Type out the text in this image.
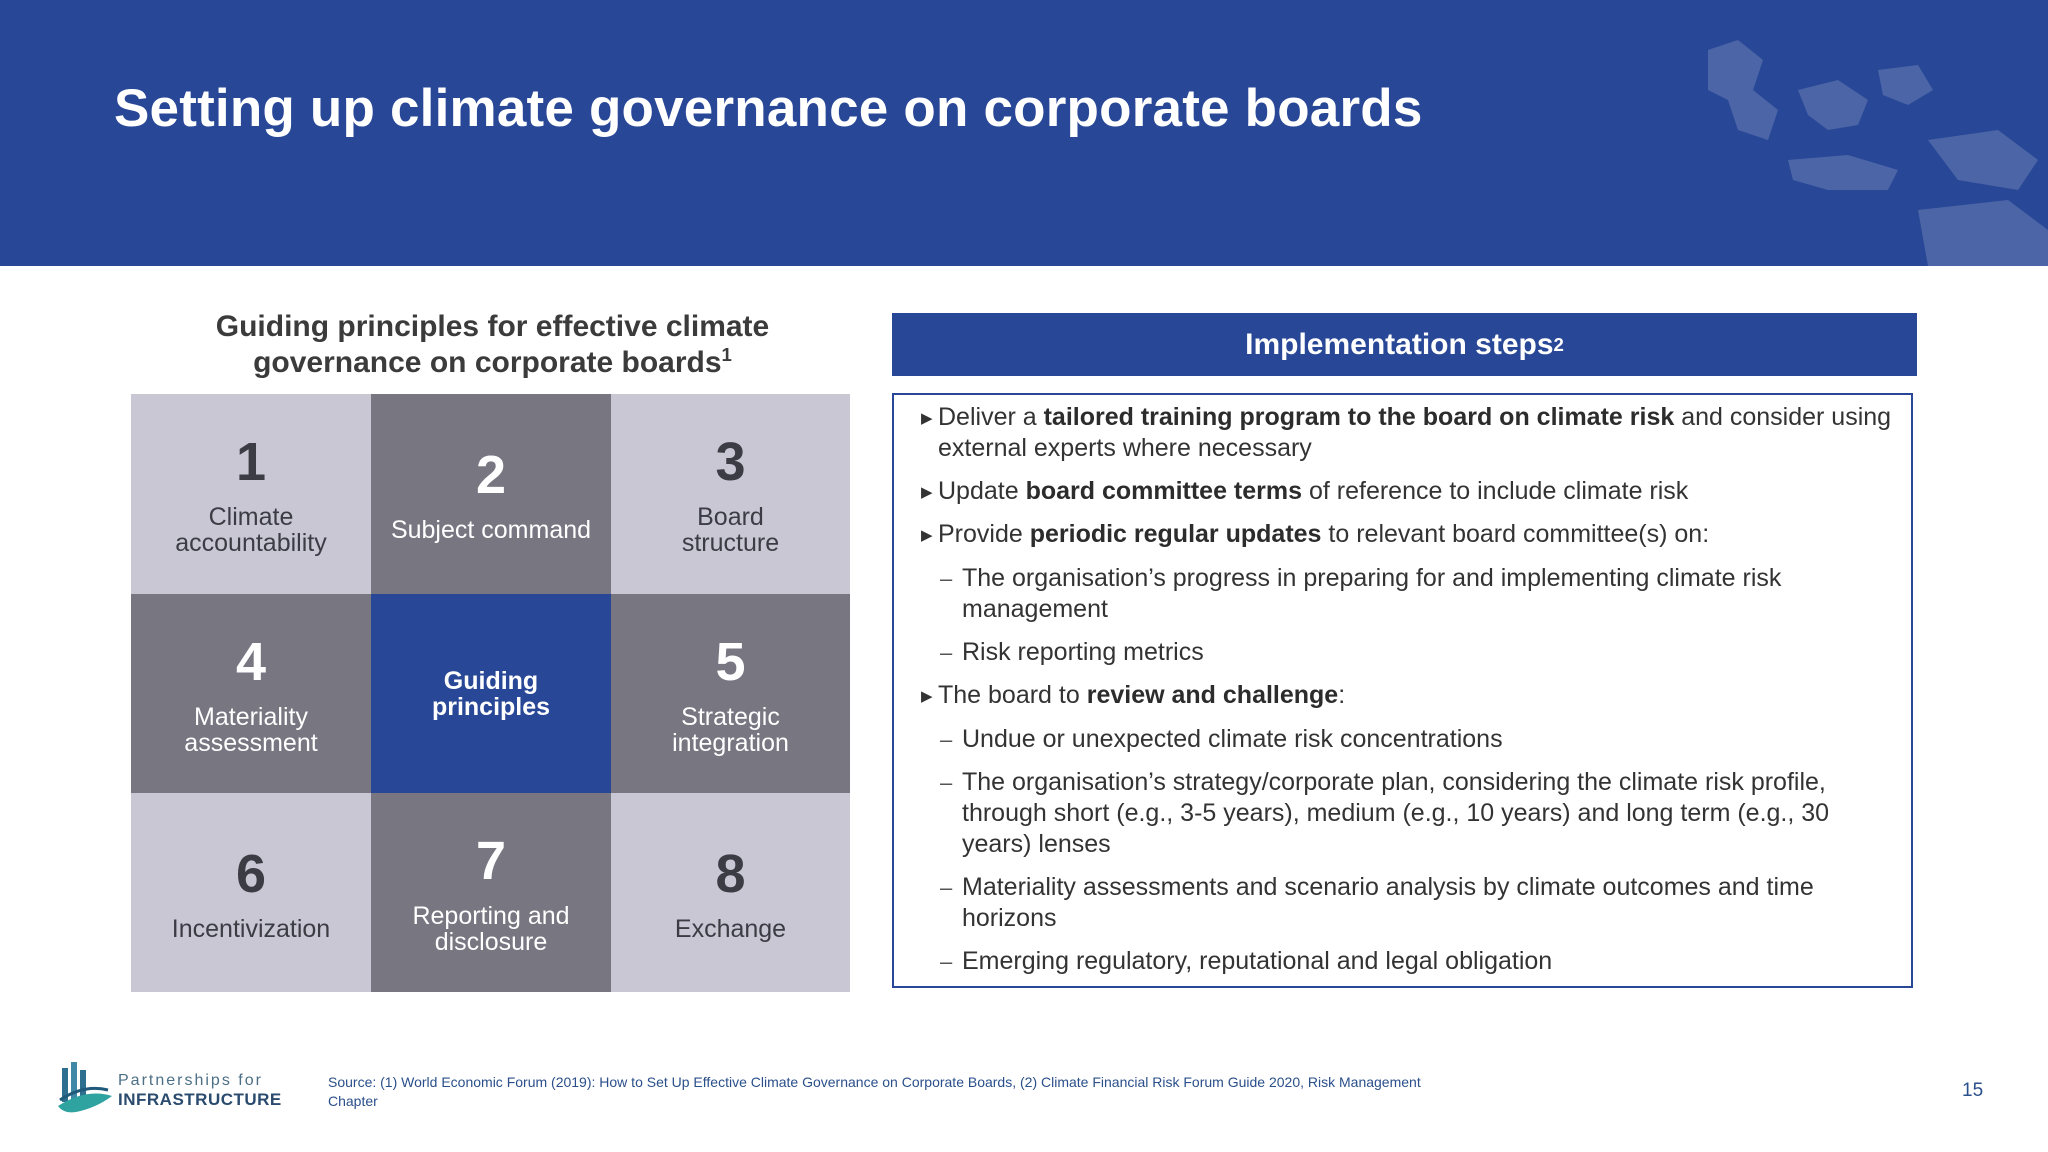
Setting up climate governance on corporate boards
Guiding principles for effective climate
governance on corporate boards$^1$
1
Climate
accountability
2
Subject command
3
Board
structure
4
Materiality
assessment
Guiding
principles
5
Strategic
integration
6
Incentivization
7
Reporting and
disclosure
8
Exchange
Implementation steps 2
▶ Deliver a tailored training program to the board on climate risk and consider using external experts where necessary
▶ Update board committee terms of reference to include climate risk
▶ Provide periodic regular updates to relevant board committee(s) on:
– The organisation’s progress in preparing for and implementing climate risk management
– Risk reporting metrics
▶ The board to review and challenge:
– Undue or unexpected climate risk concentrations
– The organisation’s strategy/corporate plan, considering the climate risk profile, through short (e.g., 3-5 years), medium (e.g., 10 years) and long term (e.g., 30 years) lenses
– Materiality assessments and scenario analysis by climate outcomes and time horizons
– Emerging regulatory, reputational and legal obligation
Partnerships for
INFRASTRUCTURE
Source: (1) World Economic Forum (2019): How to Set Up Effective Climate Governance on Corporate Boards, (2) Climate Financial Risk Forum Guide 2020, Risk Management Chapter	15
